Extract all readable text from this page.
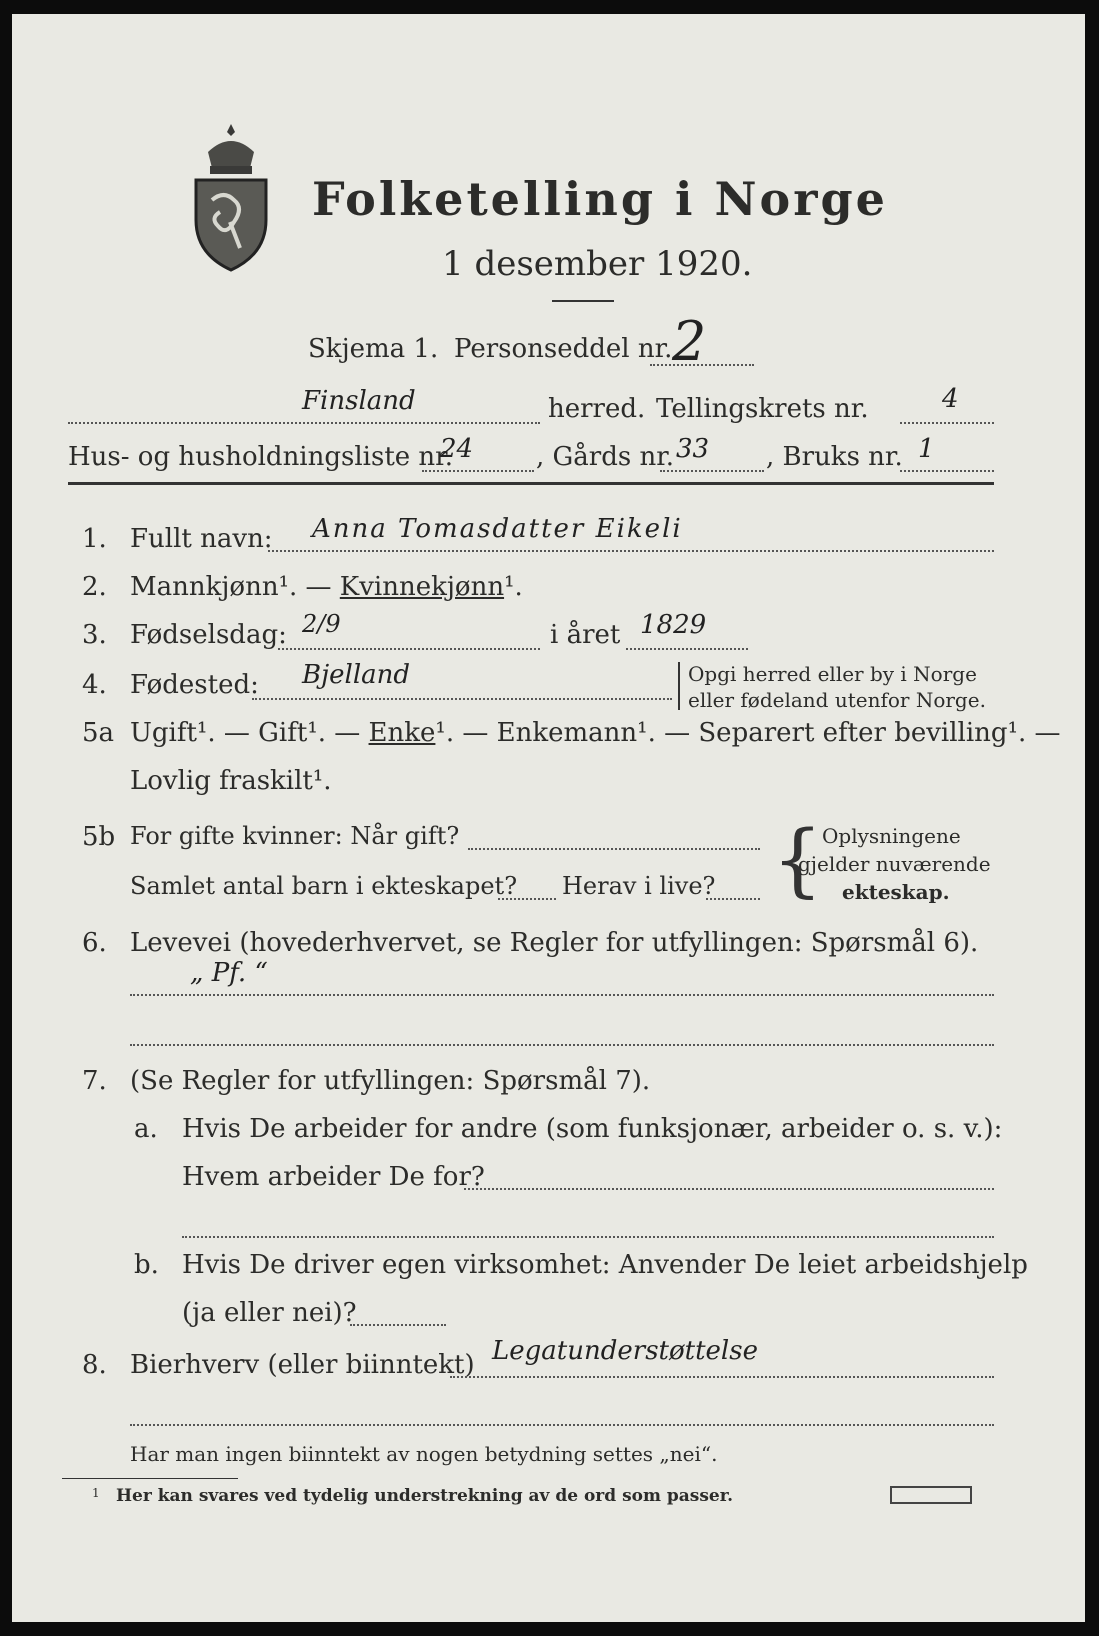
Folketelling i Norge
1 desember 1920.
Skjema 1. Personseddel nr. 2
Finsland	herred. Tellingskrets nr.	4
Hus- og husholdningsliste nr.
24 , Gårds nr. 33 , Bruks nr. 1
1. Fullt navn: Anna Tomasdatter Eikeli
2. Mannkjønn¹. — Kvinnekjønn¹.
3. Fødselsdag: 2/9	i året 1829
4. Fødested: Bjelland	Opgi herred eller by i Norge
eller fødeland utenfor Norge.
5a Ugift¹. — Gift¹. — Enke¹. — Enkemann¹. — Separert efter bevilling¹. —
Lovlig fraskilt¹.
5b For gifte kvinner: Når gift?
Samlet antal barn i ekteskapet? Herav i live? { Oplysningene
gjelder nuværende
ekteskap.
6. Levevei (hovederhvervet, se Regler for utfyllingen: Spørsmål 6).
„ Pf. “
7. (Se Regler for utfyllingen: Spørsmål 7).
a. Hvis De arbeider for andre (som funksjonær, arbeider o. s. v.):
Hvem arbeider De for?
b. Hvis De driver egen virksomhet: Anvender De leiet arbeidshjelp
(ja eller nei)?
8. Bierhverv (eller biinntekt) Legatunderstøttelse
Har man ingen biinntekt av nogen betydning settes „nei“.
1 Her kan svares ved tydelig understrekning av de ord som passer.
